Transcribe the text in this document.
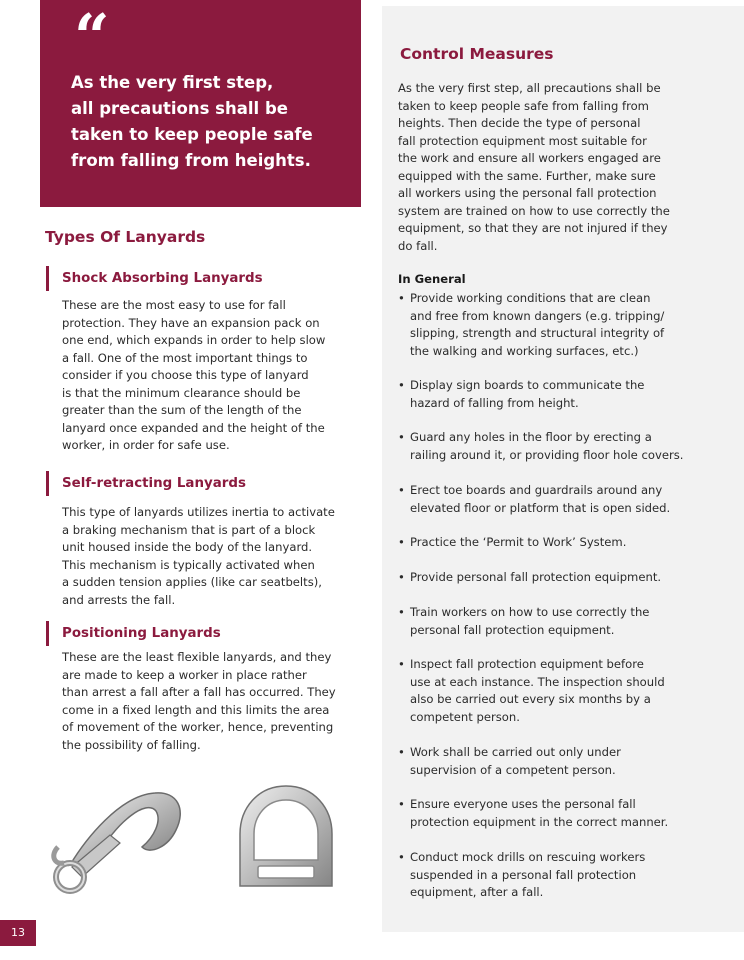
“
As the very first step,
all precautions shall be
taken to keep people safe
from falling from heights.
Types Of Lanyards
Shock Absorbing Lanyards
These are the most easy to use for fall
protection. They have an expansion pack on
one end, which expands in order to help slow
a fall. One of the most important things to
consider if you choose this type of lanyard
is that the minimum clearance should be
greater than the sum of the length of the
lanyard once expanded and the height of the
worker, in order for safe use.
Self-retracting Lanyards
This type of lanyards utilizes inertia to activate
a braking mechanism that is part of a block
unit housed inside the body of the lanyard.
This mechanism is typically activated when
a sudden tension applies (like car seatbelts),
and arrests the fall.
Positioning Lanyards
These are the least flexible lanyards, and they
are made to keep a worker in place rather
than arrest a fall after a fall has occurred. They
come in a fixed length and this limits the area
of movement of the worker, hence, preventing
the possibility of falling.
Control Measures
As the very first step, all precautions shall be
taken to keep people safe from falling from
heights. Then decide the type of personal
fall protection equipment most suitable for
the work and ensure all workers engaged are
equipped with the same. Further, make sure
all workers using the personal fall protection
system are trained on how to use correctly the
equipment, so that they are not injured if they
do fall.
In General
• Provide working conditions that are clean
and free from known dangers (e.g. tripping/
slipping, strength and structural integrity of
the walking and working surfaces, etc.)
• Display sign boards to communicate the
hazard of falling from height.
• Guard any holes in the floor by erecting a
railing around it, or providing floor hole covers.
• Erect toe boards and guardrails around any
elevated floor or platform that is open sided.
• Practice the ‘Permit to Work’ System.
• Provide personal fall protection equipment.
• Train workers on how to use correctly the
personal fall protection equipment.
• Inspect fall protection equipment before
use at each instance. The inspection should
also be carried out every six months by a
competent person.
• Work shall be carried out only under
supervision of a competent person.
• Ensure everyone uses the personal fall
protection equipment in the correct manner.
• Conduct mock drills on rescuing workers
suspended in a personal fall protection
equipment, after a fall.
13
